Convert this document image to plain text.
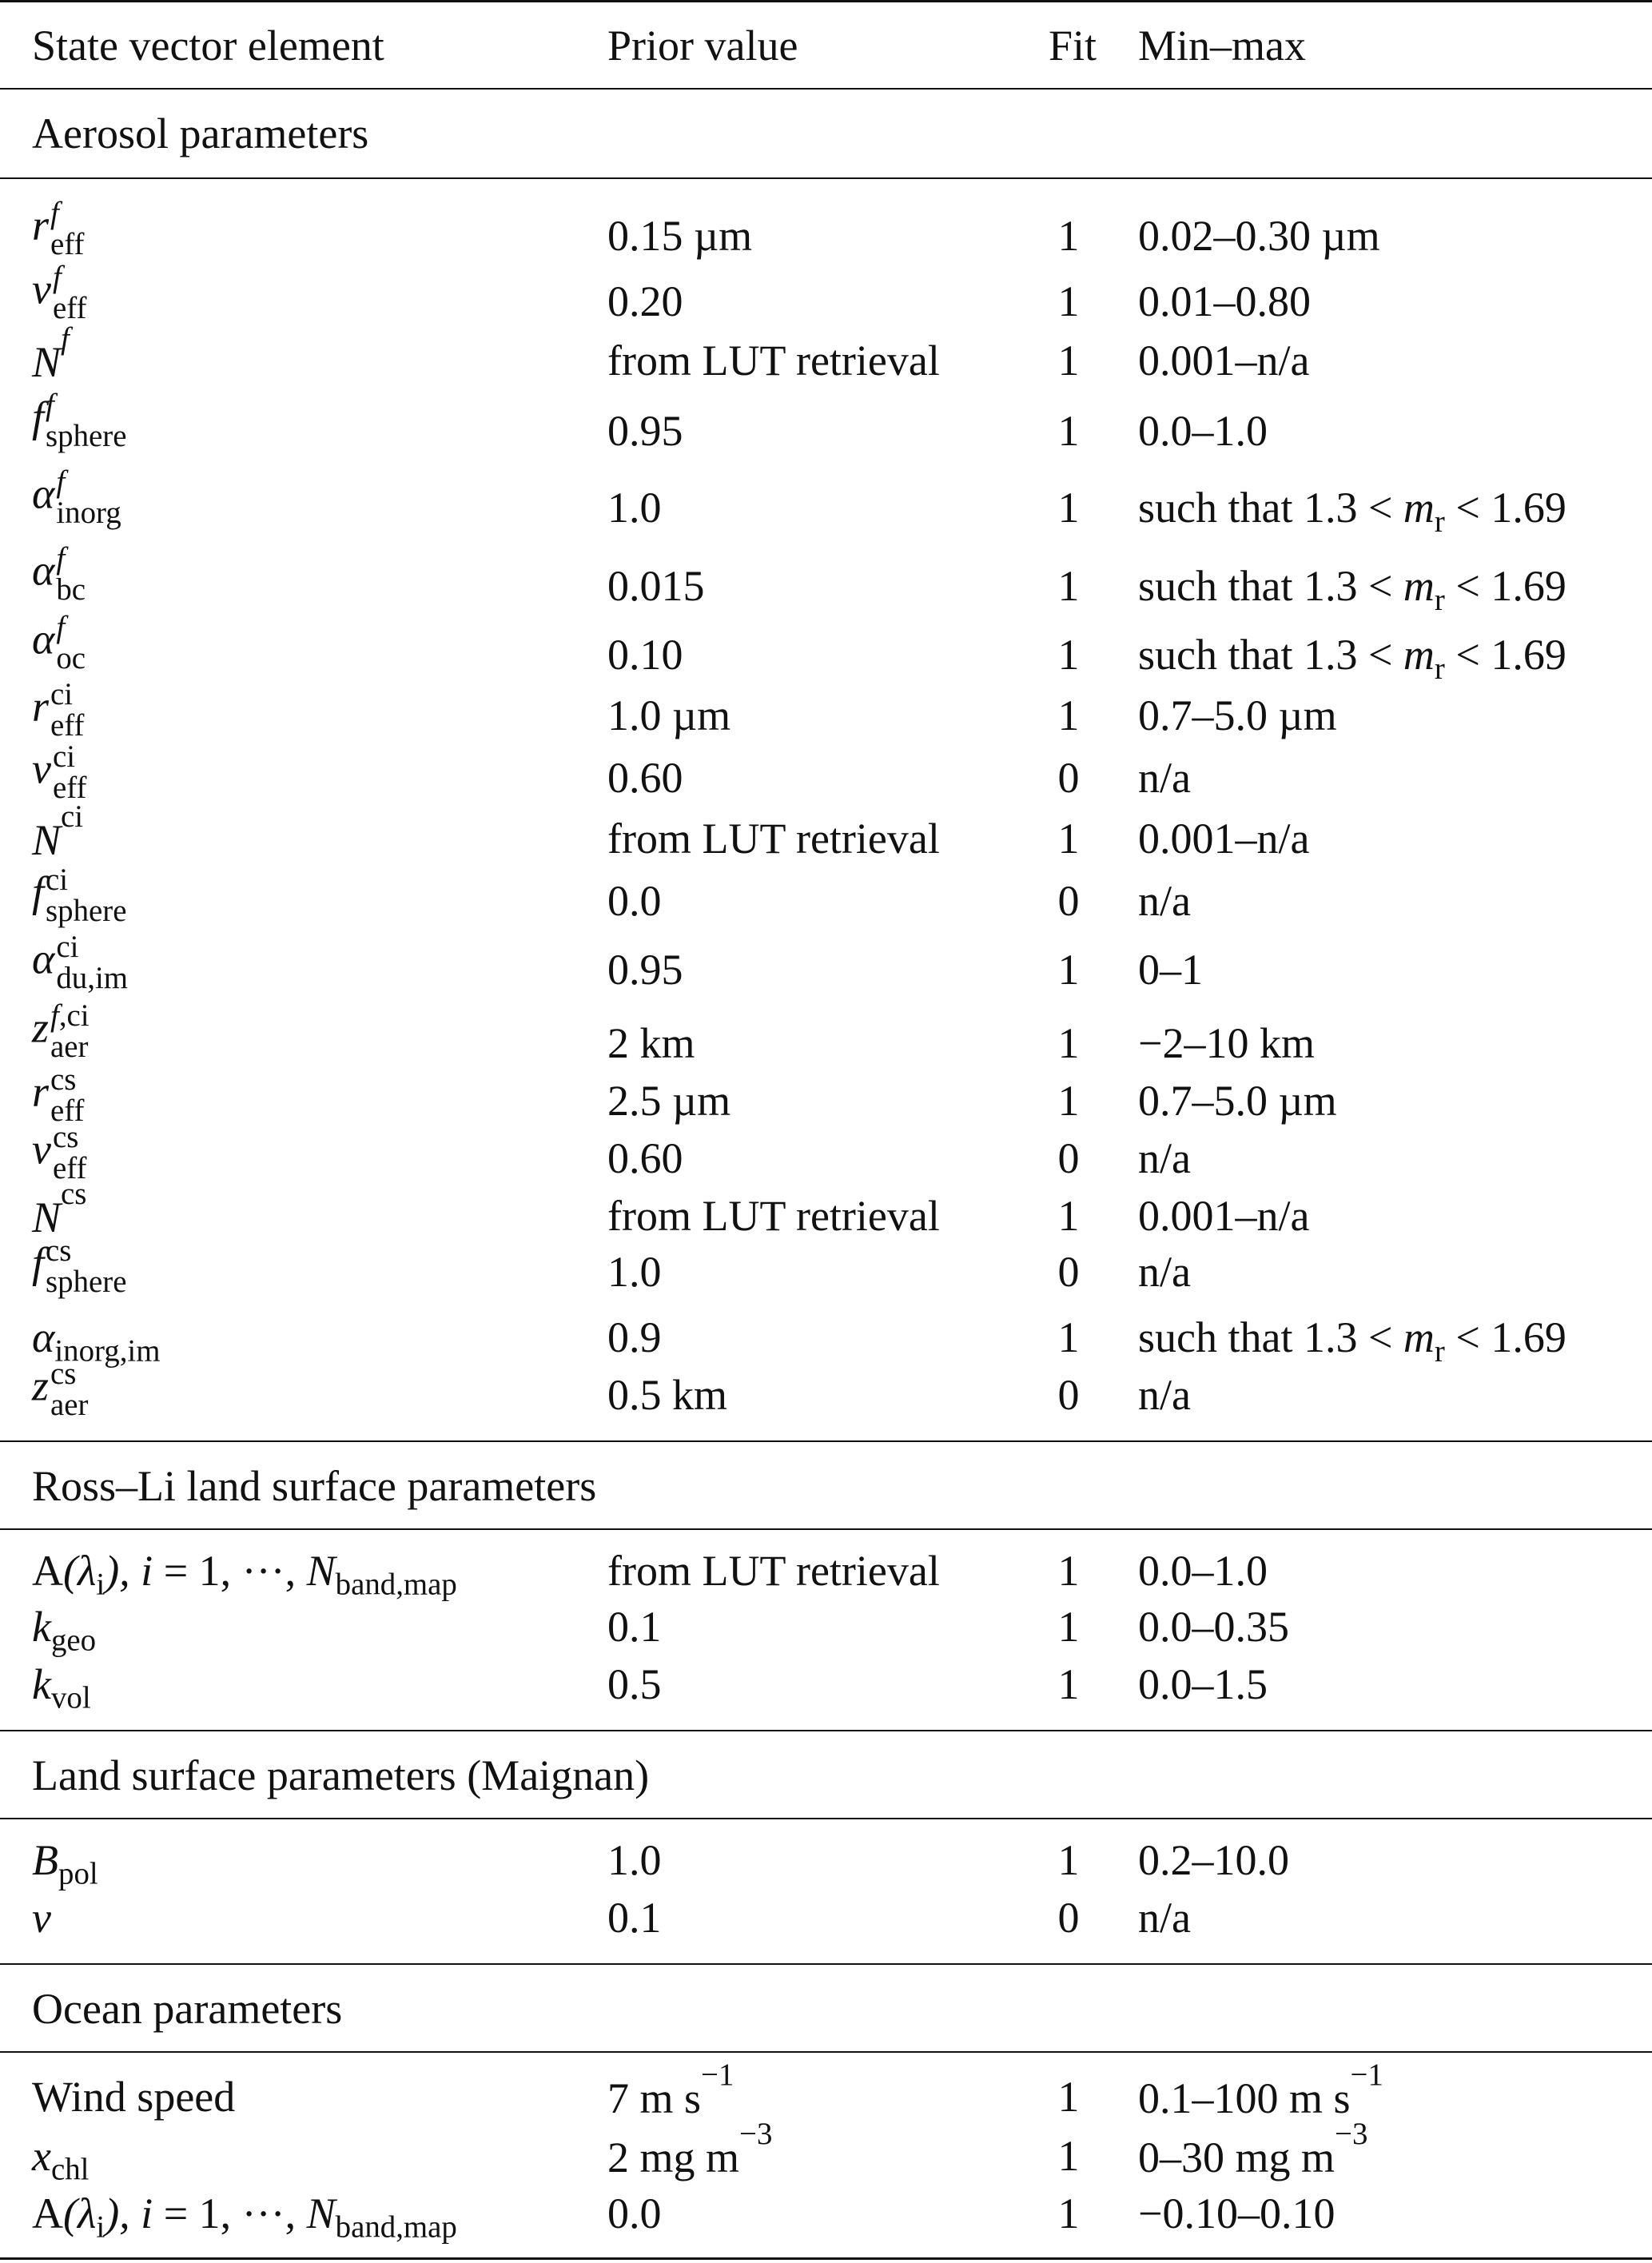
State vector element	Prior value	Fit Min–max
Aerosol parameters
r f
eff	0.15 µm	1 0.02–0.30 µm
v f
eff	0.20	1 0.01–0.80
$N^f$	from LUT retrieval	1 0.001–n/a
f f
sphere	0.95	1 0.0–1.0
α f
inorg	1.0	1 such that $1.3 < m_r < 1.69$
α f
bc	0.015	1 such that $1.3 < m_r < 1.69$
α f
oc	0.10	1 such that $1.3 < m_r < 1.69$
r ci
eff	1.0 µm	1 0.7–5.0 µm
v ci
eff	0.60	0 n/a
$N^{ci}$	from LUT retrieval	1 0.001–n/a
f ci
sphere	0.0	0 n/a
α ci
du,im	0.95	1 0–1
z f,ci
aer	2 km	1 −2–10 km
r cs
eff	2.5 µm	1 0.7–5.0 µm
v cs
eff	0.60	0 n/a
$N^{cs}$	from LUT retrieval	1 0.001–n/a
f cs
sphere	1.0	0 n/a
$\alpha_{inorg,im}$	0.9	1 such that $1.3 < m_r < 1.69$
z cs
aer	0.5 km	0 n/a
Ross–Li land surface parameters
$A(\lambda_i)$, i = 1, ···, $N_{band,map}$	from LUT retrieval	1 0.0–1.0
$k_{geo}$	0.1	1 0.0–0.35
$k_{vol}$	0.5	1 0.0–1.5
Land surface parameters (Maignan)
$B_{pol}$	1.0	1 0.2–10.0
ν	0.1	0 n/a
Ocean parameters
Wind speed	7 m $s^{-1}$	1 0.1–100 m $s^{-1}$
$x_{chl}$	2 mg $m^{-3}$	1 0–30 mg $m^{-3}$
$A(\lambda_i)$, i = 1, ···, $N_{band,map}$	0.0	1 −0.10–0.10
